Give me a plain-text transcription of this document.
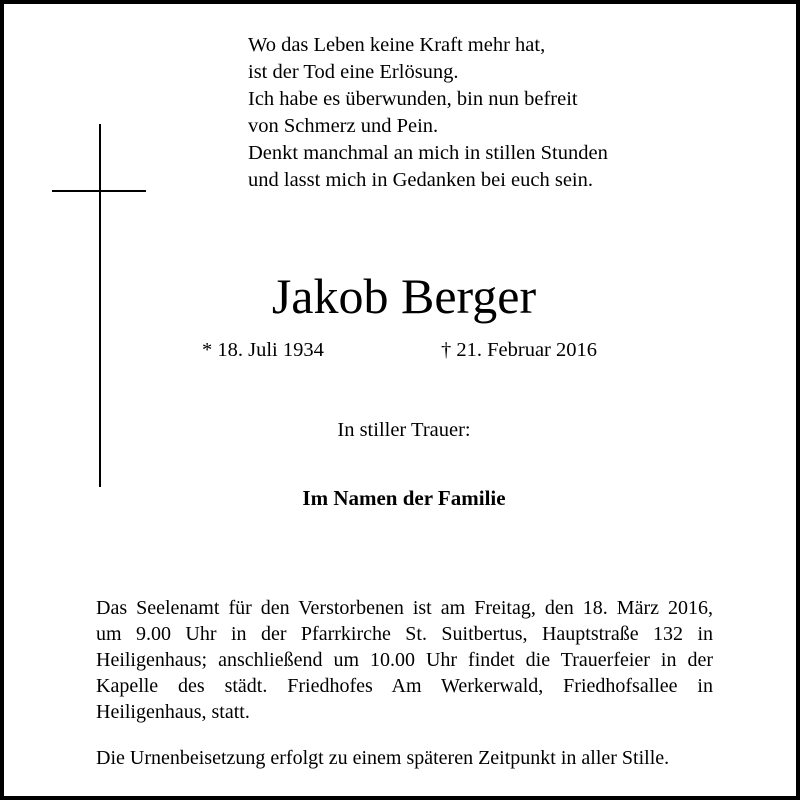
Wo das Leben keine Kraft mehr hat,
ist der Tod eine Erlösung.
Ich habe es überwunden, bin nun befreit
von Schmerz und Pein.
Denkt manchmal an mich in stillen Stunden
und lasst mich in Gedanken bei euch sein.
Jakob Berger
* 18. Juli 1934	† 21. Februar 2016
In stiller Trauer:
Im Namen der Familie
Das Seelenamt für den Verstorbenen ist am Freitag, den 18. März 2016,
um 9.00 Uhr in der Pfarrkirche St. Suitbertus, Hauptstraße 132 in
Heiligenhaus; anschließend um 10.00 Uhr findet die Trauerfeier in der
Kapelle des städt. Friedhofes Am Werkerwald, Friedhofsallee in
Heiligenhaus, statt.
Die Urnenbeisetzung erfolgt zu einem späteren Zeitpunkt in aller Stille.
